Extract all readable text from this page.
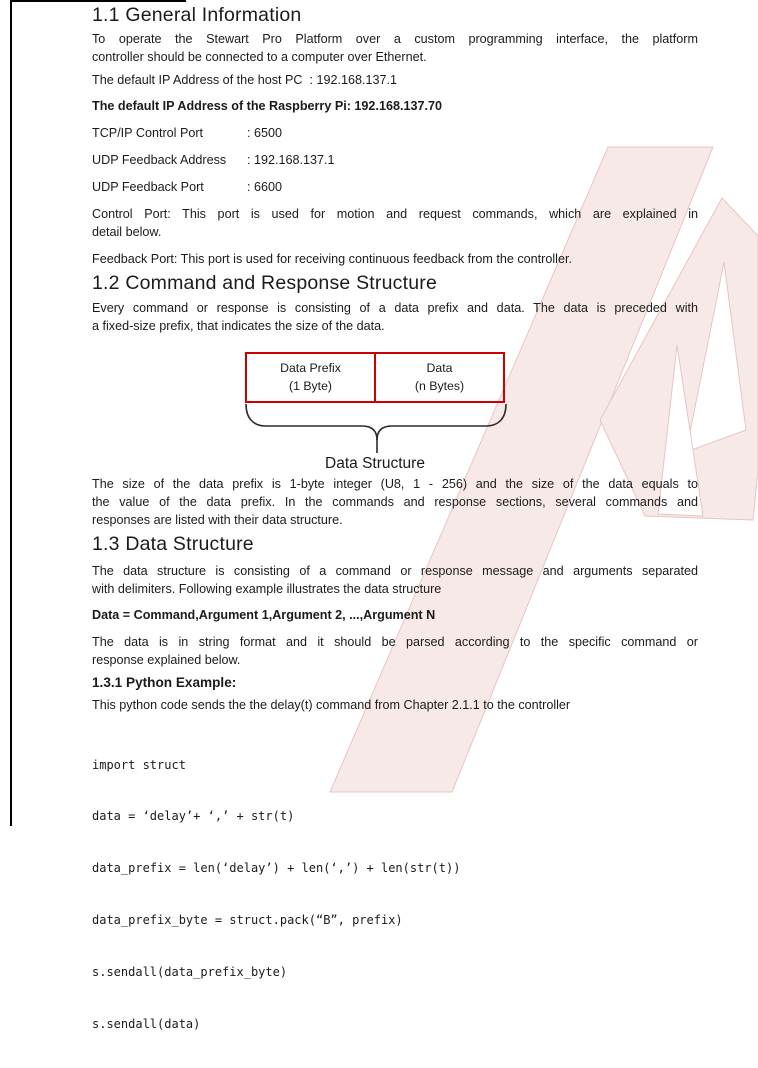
1.1 General Information
To operate the Stewart Pro Platform over a custom programming interface, the platform
controller should be connected to a computer over Ethernet.
The default IP Address of the host PC  : 192.168.137.1
The default IP Address of the Raspberry Pi: 192.168.137.70
TCP/IP Control Port	: 6500
UDP Feedback Address	: 192.168.137.1
UDP Feedback Port	: 6600
Control Port: This port is used for motion and request commands, which are explained in
detail below.
Feedback Port: This port is used for receiving continuous feedback from the controller.
1.2 Command and Response Structure
Every command or response is consisting of a data prefix and data. The data is preceded with
a fixed-size prefix, that indicates the size of the data.
Data Prefix
(1 Byte)
Data
(n Bytes)
Data Structure
The size of the data prefix is 1-byte integer (U8, 1 - 256) and the size of the data equals to
the value of the data prefix. In the commands and response sections, several commands and
responses are listed with their data structure.
1.3 Data Structure
The data structure is consisting of a command or response message and arguments separated
with delimiters. Following example illustrates the data structure
Data = Command,Argument 1,Argument 2, ...,Argument N
The data is in string format and it should be parsed according to the specific command or
response explained below.
1.3.1 Python Example:
This python code sends the the delay(t) command from Chapter 2.1.1 to the controller

import struct

data = ‘delay’+ ‘,’ + str(t)

data_prefix = len(‘delay’) + len(‘,’) + len(str(t))

data_prefix_byte = struct.pack(“B”, prefix)

s.sendall(data_prefix_byte)

s.sendall(data)
